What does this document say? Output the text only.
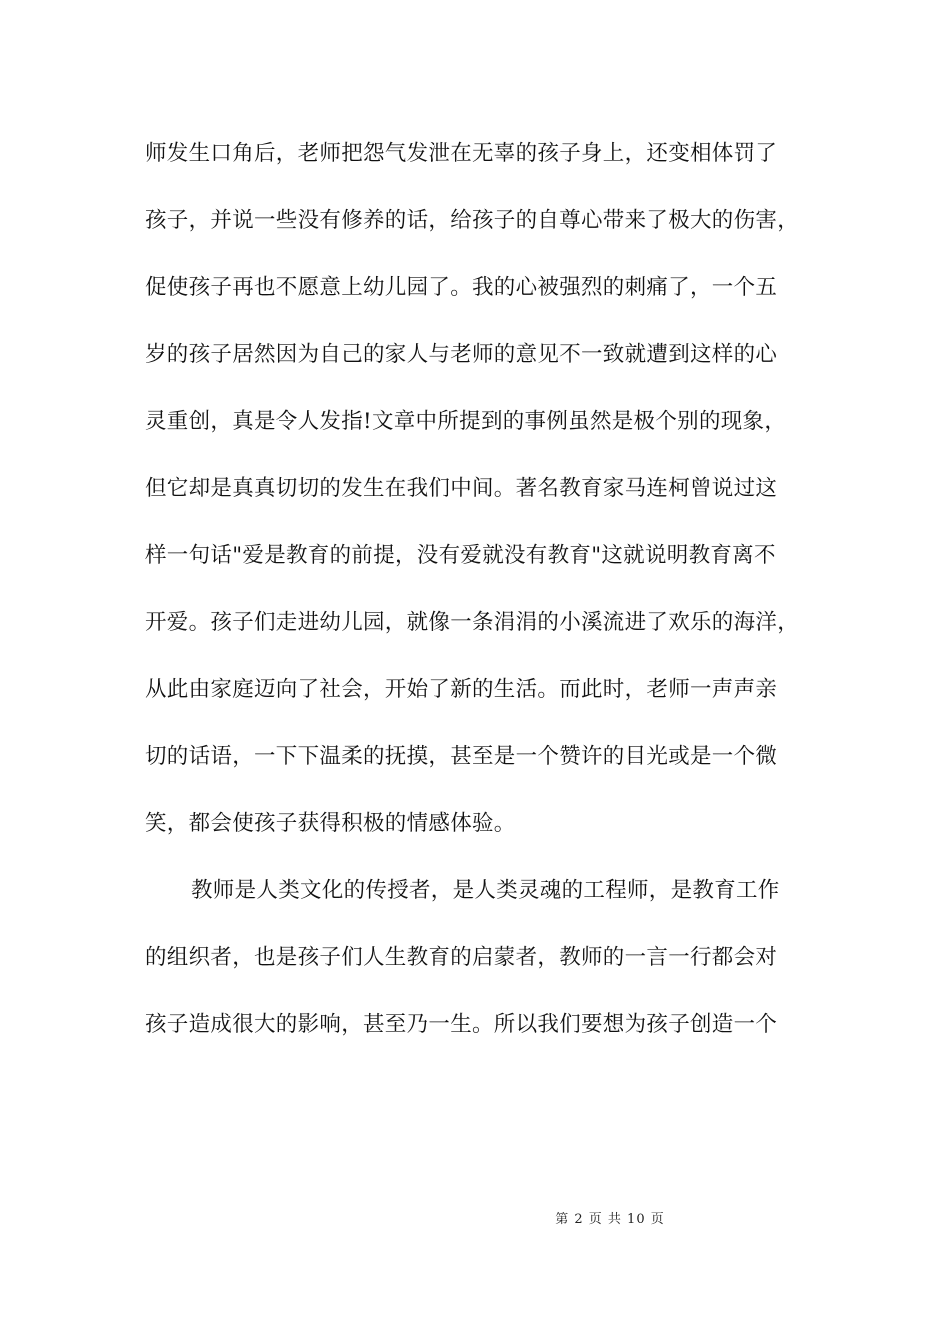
师发生口角后，老师把怨气发泄在无辜的孩子身上，还变相体罚了
孩子，并说一些没有修养的话，给孩子的自尊心带来了极大的伤害，
促使孩子再也不愿意上幼儿园了。我的心被强烈的刺痛了，一个五
岁的孩子居然因为自己的家人与老师的意见不一致就遭到这样的心
灵重创，真是令人发指!文章中所提到的事例虽然是极个别的现象，
但它却是真真切切的发生在我们中间。著名教育家马连柯曾说过这
样一句话"爱是教育的前提，没有爱就没有教育"这就说明教育离不
开爱。孩子们走进幼儿园，就像一条涓涓的小溪流进了欢乐的海洋，
从此由家庭迈向了社会，开始了新的生活。而此时，老师一声声亲
切的话语，一下下温柔的抚摸，甚至是一个赞许的目光或是一个微
笑，都会使孩子获得积极的情感体验。
教师是人类文化的传授者，是人类灵魂的工程师，是教育工作
的组织者，也是孩子们人生教育的启蒙者，教师的一言一行都会对
孩子造成很大的影响，甚至乃一生。所以我们要想为孩子创造一个
第 2 页 共 10 页
